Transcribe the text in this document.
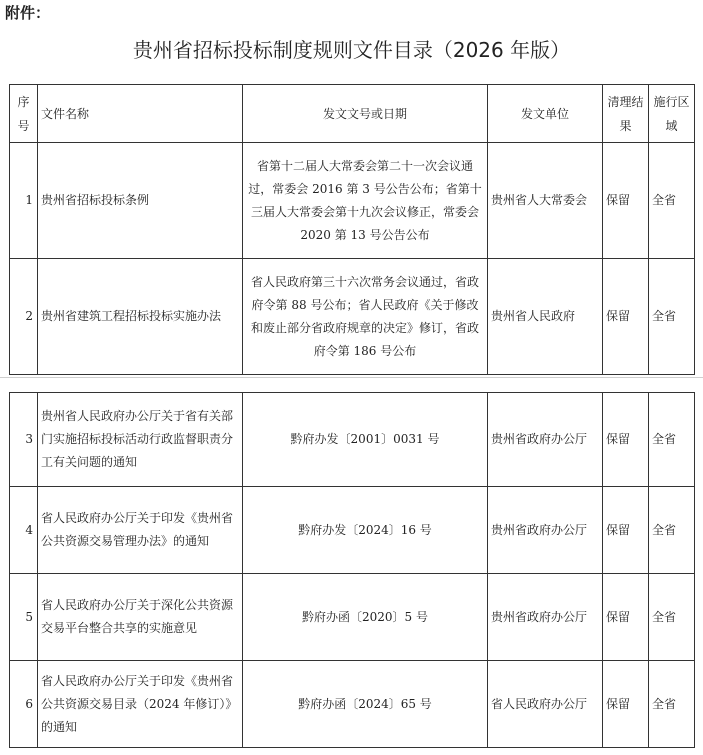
附件：
贵州省招标投标制度规则文件目录（2026 年版）
序号	文件名称	发文文号或日期	发文单位	清理结果	施行区域
1	贵州省招标投标条例	省第十二届人大常委会第二十一次会议通过，常委会 2016 第 3 号公告公布；省第十三届人大常委会第十九次会议修正，常委会 2020 第 13 号公告公布	贵州省人大常委会	保留	全省
2	贵州省建筑工程招标投标实施办法	省人民政府第三十六次常务会议通过，省政府令第 88 号公布；省人民政府《关于修改和废止部分省政府规章的决定》修订，省政府令第 186 号公布	贵州省人民政府	保留	全省
3	贵州省人民政府办公厅关于省有关部门实施招标投标活动行政监督职责分工有关问题的通知	黔府办发〔2001〕0031 号	贵州省政府办公厅	保留	全省
4	省人民政府办公厅关于印发《贵州省公共资源交易管理办法》的通知	黔府办发〔2024〕16 号	贵州省政府办公厅	保留	全省
5	省人民政府办公厅关于深化公共资源交易平台整合共享的实施意见	黔府办函〔2020〕5 号	贵州省政府办公厅	保留	全省
6	省人民政府办公厅关于印发《贵州省公共资源交易目录（2024 年修订）》的通知	黔府办函〔2024〕65 号	省人民政府办公厅	保留	全省
